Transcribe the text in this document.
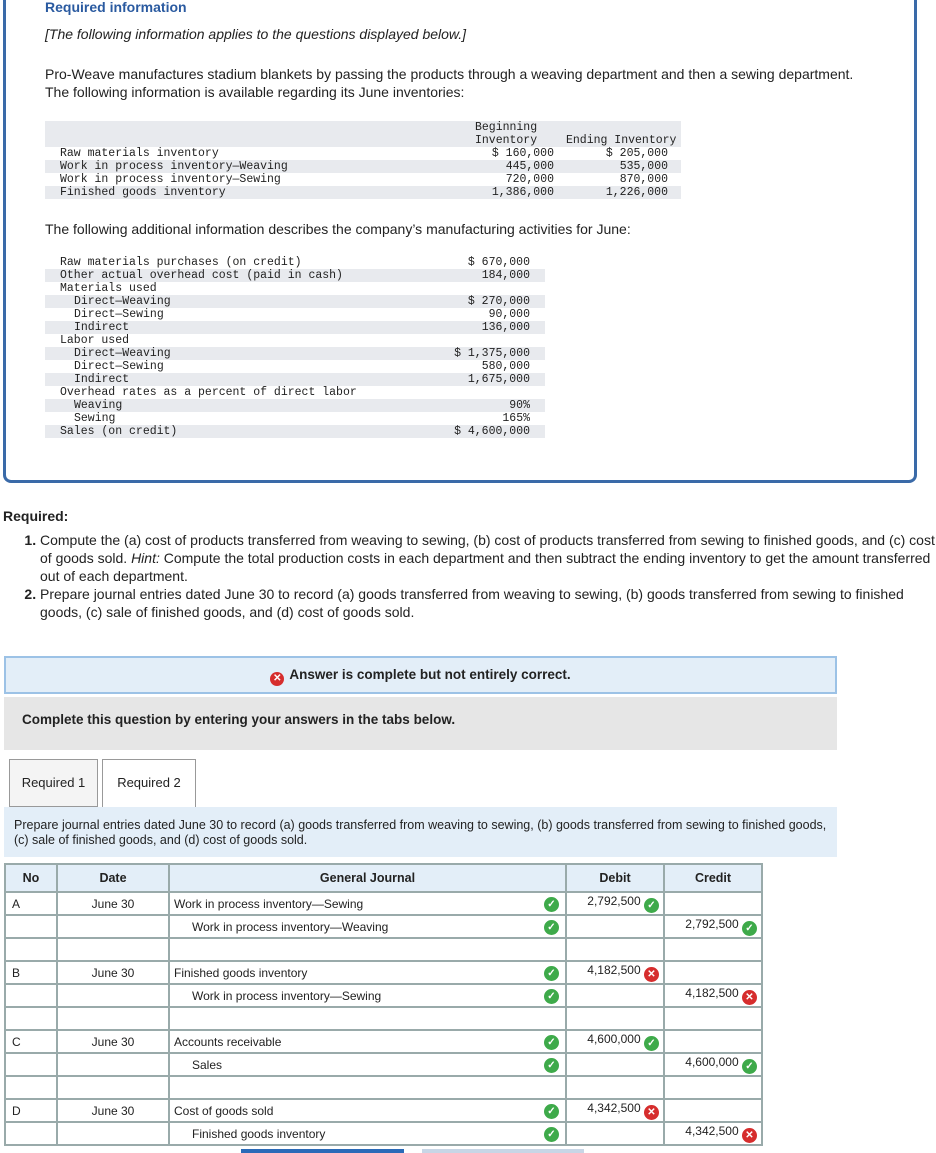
Required information
[The following information applies to the questions displayed below.]
Pro-Weave manufactures stadium blankets by passing the products through a weaving department and then a sewing department. The following information is available regarding its June inventories:
Beginning
Inventory	Ending Inventory
Raw materials inventory	$ 160,000	$ 205,000
Work in process inventory—Weaving	445,000	535,000
Work in process inventory—Sewing	720,000	870,000
Finished goods inventory	1,386,000	1,226,000
The following additional information describes the company’s manufacturing activities for June:
Raw materials purchases (on credit)	$ 670,000
Other actual overhead cost (paid in cash)	184,000
Materials used
Direct—Weaving	$ 270,000
Direct—Sewing	90,000
Indirect	136,000
Labor used
Direct—Weaving	$ 1,375,000
Direct—Sewing	580,000
Indirect	1,675,000
Overhead rates as a percent of direct labor
Weaving	90%
Sewing	165%
Sales (on credit)	$ 4,600,000
Required:
1. Compute the (a) cost of products transferred from weaving to sewing, (b) cost of products transferred from sewing to finished goods, and (c) cost of goods sold. Hint: Compute the total production costs in each department and then subtract the ending inventory to get the amount transferred out of each department.
2. Prepare journal entries dated June 30 to record (a) goods transferred from weaving to sewing, (b) goods transferred from sewing to finished goods, (c) sale of finished goods, and (d) cost of goods sold.
✕ Answer is complete but not entirely correct.
Complete this question by entering your answers in the tabs below.
Required 1	Required 2
Prepare journal entries dated June 30 to record (a) goods transferred from weaving to sewing, (b) goods transferred from sewing to finished goods, (c) sale of finished goods, and (d) cost of goods sold.
No	Date	General Journal	Debit	Credit
A	June 30	Work in process inventory—Sewing ✓	2,792,500 ✓	
		Work in process inventory—Weaving ✓		2,792,500 ✓

B	June 30	Finished goods inventory ✓	4,182,500 ✕	
		Work in process inventory—Sewing ✓		4,182,500 ✕

C	June 30	Accounts receivable ✓	4,600,000 ✓	
		Sales ✓		4,600,000 ✓

D	June 30	Cost of goods sold ✓	4,342,500 ✕	
		Finished goods inventory ✓		4,342,500 ✕
